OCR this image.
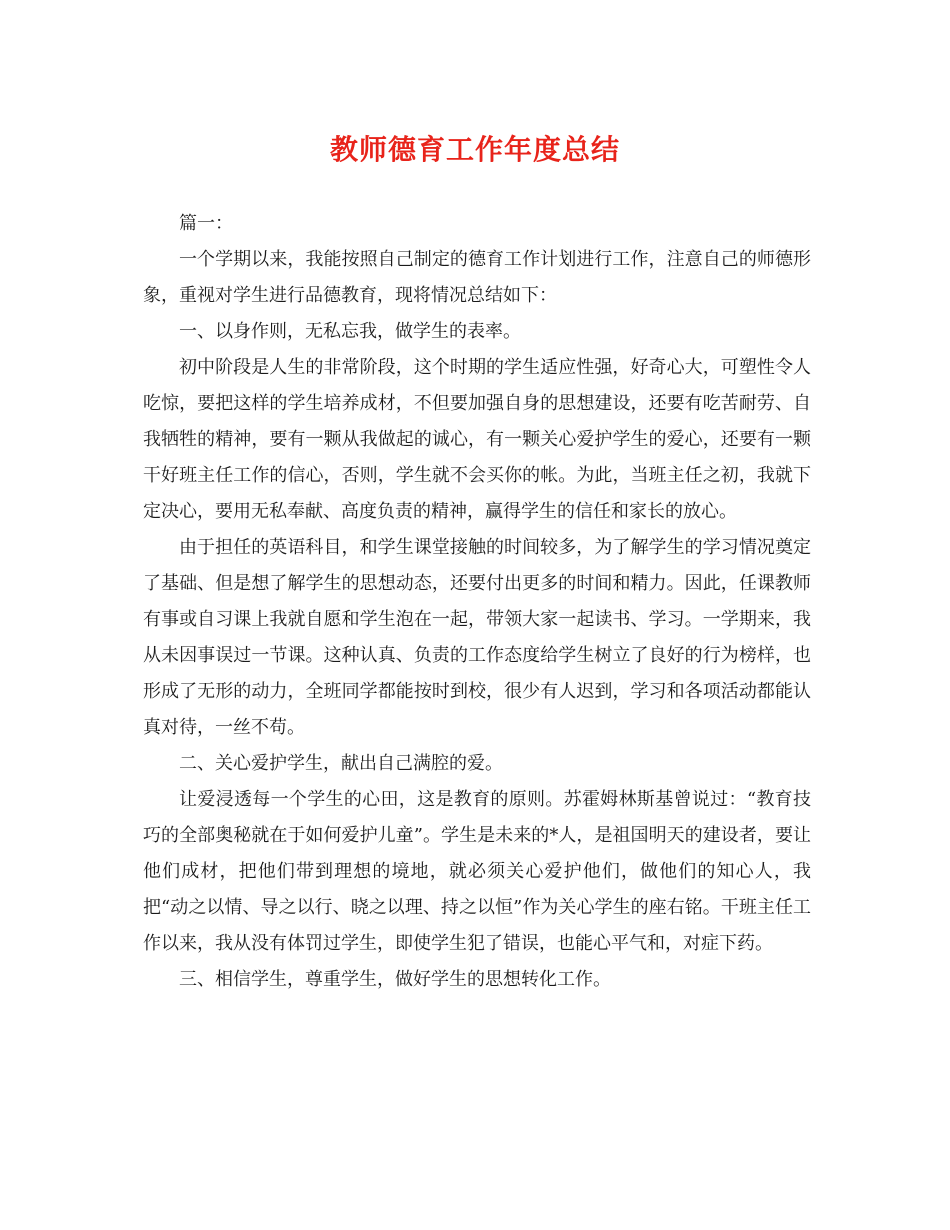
教师德育工作年度总结

篇一：

一个学期以来，我能按照自己制定的德育工作计划进行工作，注意自己的师德形象，重视对学生进行品德教育，现将情况总结如下：

一、以身作则，无私忘我，做学生的表率。

初中阶段是人生的非常阶段，这个时期的学生适应性强，好奇心大，可塑性令人吃惊，要把这样的学生培养成材，不但要加强自身的思想建设，还要有吃苦耐劳、自我牺牲的精神，要有一颗从我做起的诚心，有一颗关心爱护学生的爱心，还要有一颗干好班主任工作的信心，否则，学生就不会买你的帐。为此，当班主任之初，我就下定决心，要用无私奉献、高度负责的精神，赢得学生的信任和家长的放心。

由于担任的英语科目，和学生课堂接触的时间较多，为了解学生的学习情况奠定了基础、但是想了解学生的思想动态，还要付出更多的时间和精力。因此，任课教师有事或自习课上我就自愿和学生泡在一起，带领大家一起读书、学习。一学期来，我从未因事误过一节课。这种认真、负责的工作态度给学生树立了良好的行为榜样，也形成了无形的动力，全班同学都能按时到校，很少有人迟到，学习和各项活动都能认真对待，一丝不苟。

二、关心爱护学生，献出自己满腔的爱。

让爱浸透每一个学生的心田，这是教育的原则。苏霍姆林斯基曾说过：“教育技巧的全部奥秘就在于如何爱护儿童”。学生是未来的*人，是祖国明天的建设者，要让他们成材，把他们带到理想的境地，就必须关心爱护他们，做他们的知心人，我把“动之以情、导之以行、晓之以理、持之以恒”作为关心学生的座右铭。干班主任工作以来，我从没有体罚过学生，即使学生犯了错误，也能心平气和，对症下药。

三、相信学生，尊重学生，做好学生的思想转化工作。
